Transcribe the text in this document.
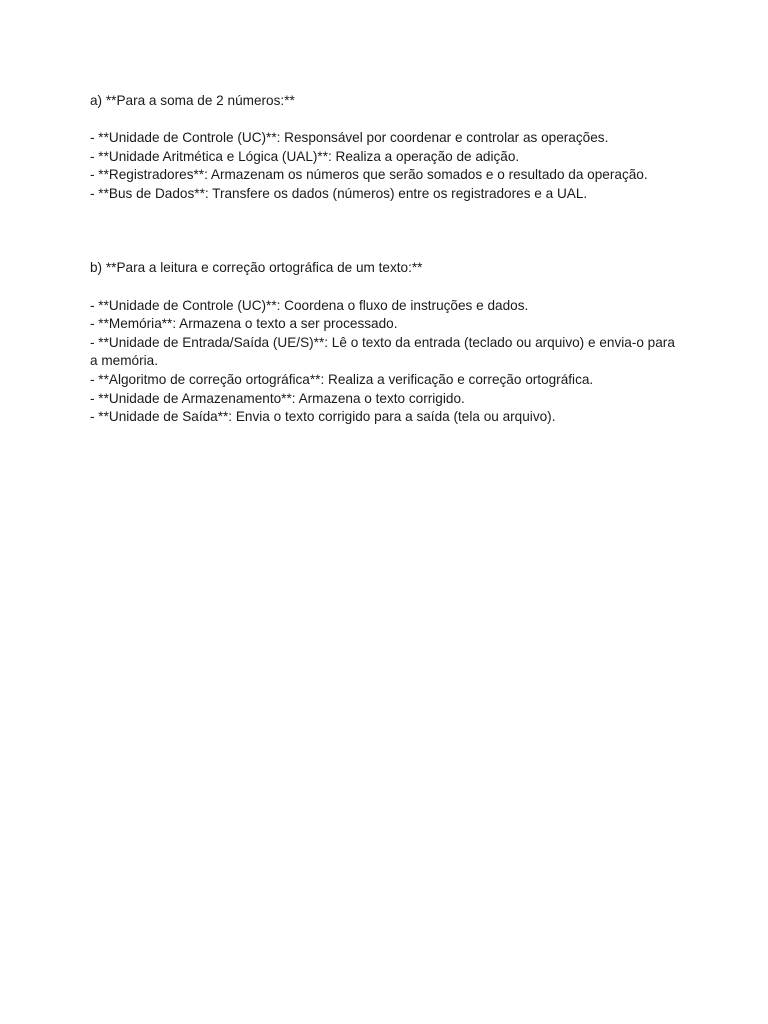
a) **Para a soma de 2 números:**

- **Unidade de Controle (UC)**: Responsável por coordenar e controlar as operações.
- **Unidade Aritmética e Lógica (UAL)**: Realiza a operação de adição.
- **Registradores**: Armazenam os números que serão somados e o resultado da operação.
- **Bus de Dados**: Transfere os dados (números) entre os registradores e a UAL.

b) **Para a leitura e correção ortográfica de um texto:**

- **Unidade de Controle (UC)**: Coordena o fluxo de instruções e dados.
- **Memória**: Armazena o texto a ser processado.
- **Unidade de Entrada/Saída (UE/S)**: Lê o texto da entrada (teclado ou arquivo) e envia-o para a memória.
- **Algoritmo de correção ortográfica**: Realiza a verificação e correção ortográfica.
- **Unidade de Armazenamento**: Armazena o texto corrigido.
- **Unidade de Saída**: Envia o texto corrigido para a saída (tela ou arquivo).
